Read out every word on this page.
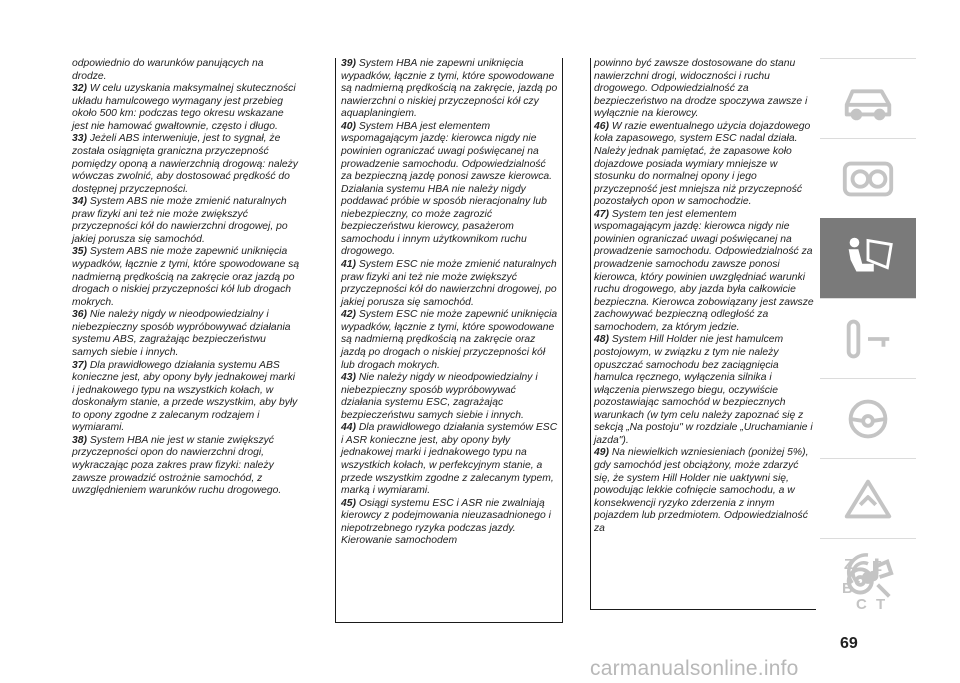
odpowiednio do warunków panujących na drodze.

32) W celu uzyskania maksymalnej skuteczności układu hamulcowego wymagany jest przebieg około 500 km: podczas tego okresu wskazane jest nie hamować gwałtownie, często i długo.

33) Jeżeli ABS interweniuje, jest to sygnał, że została osiągnięta graniczna przyczepność pomiędzy oponą a nawierzchnią drogową: należy wówczas zwolnić, aby dostosować prędkość do dostępnej przyczepności.

34) System ABS nie może zmienić naturalnych praw fizyki ani też nie może zwiększyć przyczepności kół do nawierzchni drogowej, po jakiej porusza się samochód.

35) System ABS nie może zapewnić uniknięcia wypadków, łącznie z tymi, które spowodowane są nadmierną prędkością na zakręcie oraz jazdą po drogach o niskiej przyczepności kół lub drogach mokrych.

36) Nie należy nigdy w nieodpowiedzialny i niebezpieczny sposób wypróbowywać działania systemu ABS, zagrażając bezpieczeństwu samych siebie i innych.

37) Dla prawidłowego działania systemu ABS konieczne jest, aby opony były jednakowej marki i jednakowego typu na wszystkich kołach, w doskonałym stanie, a przede wszystkim, aby były to opony zgodne z zalecanym rodzajem i wymiarami.

38) System HBA nie jest w stanie zwiększyć przyczepności opon do nawierzchni drogi, wykraczając poza zakres praw fizyki: należy zawsze prowadzić ostrożnie samochód, z uwzględnieniem warunków ruchu drogowego.

39) System HBA nie zapewni uniknięcia wypadków, łącznie z tymi, które spowodowane są nadmierną prędkością na zakręcie, jazdą po nawierzchni o niskiej przyczepności kół czy aquaplaningiem.

40) System HBA jest elementem wspomagającym jazdę: kierowca nigdy nie powinien ograniczać uwagi poświęcanej na prowadzenie samochodu. Odpowiedzialność za bezpieczną jazdę ponosi zawsze kierowca. Działania systemu HBA nie należy nigdy poddawać próbie w sposób nieracjonalny lub niebezpieczny, co może zagrozić bezpieczeństwu kierowcy, pasażerom samochodu i innym użytkownikom ruchu drogowego.

41) System ESC nie może zmienić naturalnych praw fizyki ani też nie może zwiększyć przyczepności kół do nawierzchni drogowej, po jakiej porusza się samochód.

42) System ESC nie może zapewnić uniknięcia wypadków, łącznie z tymi, które spowodowane są nadmierną prędkością na zakręcie oraz jazdą po drogach o niskiej przyczepności kół lub drogach mokrych.

43) Nie należy nigdy w nieodpowiedzialny i niebezpieczny sposób wypróbowywać działania systemu ESC, zagrażając bezpieczeństwu samych siebie i innych.

44) Dla prawidłowego działania systemów ESC i ASR konieczne jest, aby opony były jednakowej marki i jednakowego typu na wszystkich kołach, w perfekcyjnym stanie, a przede wszystkim zgodne z zalecanym typem, marką i wymiarami.

45) Osiągi systemu ESC i ASR nie zwalniają kierowcy z podejmowania nieuzasadnionego i niepotrzebnego ryzyka podczas jazdy. Kierowanie samochodem

powinno być zawsze dostosowane do stanu nawierzchni drogi, widoczności i ruchu drogowego. Odpowiedzialność za bezpieczeństwo na drodze spoczywa zawsze i wyłącznie na kierowcy.

46) W razie ewentualnego użycia dojazdowego koła zapasowego, system ESC nadal działa. Należy jednak pamiętać, że zapasowe koło dojazdowe posiada wymiary mniejsze w stosunku do normalnej opony i jego przyczepność jest mniejsza niż przyczepność pozostałych opon w samochodzie.

47) System ten jest elementem wspomagającym jazdę: kierowca nigdy nie powinien ograniczać uwagi poświęcanej na prowadzenie samochodu. Odpowiedzialność za prowadzenie samochodu zawsze ponosi kierowca, który powinien uwzględniać warunki ruchu drogowego, aby jazda była całkowicie bezpieczna. Kierowca zobowiązany jest zawsze zachowywać bezpieczną odległość za samochodem, za którym jedzie.

48) System Hill Holder nie jest hamulcem postojowym, w związku z tym nie należy opuszczać samochodu bez zaciągnięcia hamulca ręcznego, wyłączenia silnika i włączenia pierwszego biegu, oczywiście pozostawiając samochód w bezpiecznych warunkach (w tym celu należy zapoznać się z sekcją „Na postoju" w rozdziale „Uruchamianie i jazda").

49) Na niewielkich wzniesieniach (poniżej 5%), gdy samochód jest obciążony, może zdarzyć się, że system Hill Holder nie uaktywni się, powodując lekkie cofnięcie samochodu, a w konsekwencji ryzyko zderzenia z innym pojazdem lub przedmiotem. Odpowiedzialność za

Z E
B
C T
69
carmanualsonline.info
